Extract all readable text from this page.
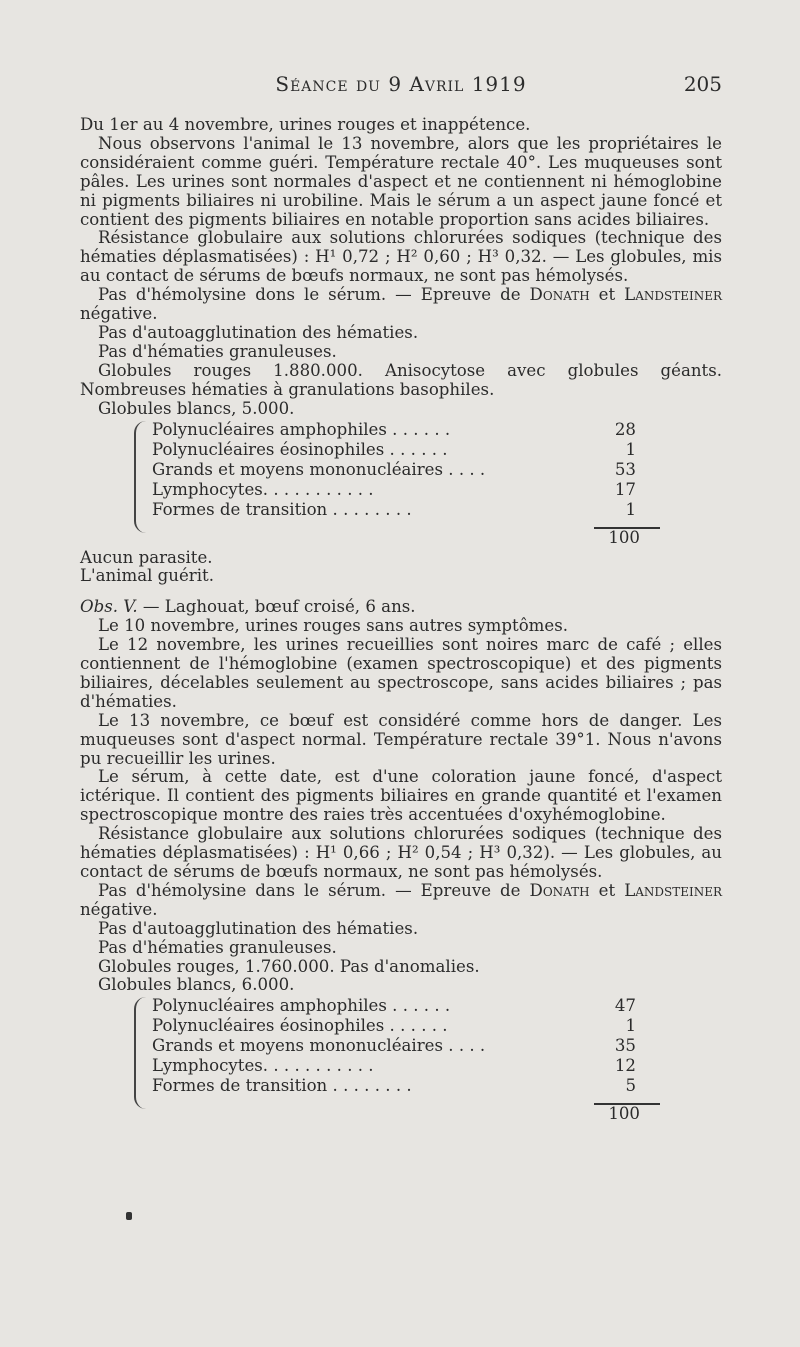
Séance du 9 Avril 1919	205

Du 1er au 4 novembre, urines rouges et inappétence.

Nous observons l'animal le 13 novembre, alors que les propriétaires le considéraient comme guéri. Température rectale 40°. Les muqueuses sont pâles. Les urines sont normales d'aspect et ne contiennent ni hémoglobine ni pigments biliaires ni urobiline. Mais le sérum a un aspect jaune foncé et contient des pigments biliaires en notable proportion sans acides biliaires.

Résistance globulaire aux solutions chlorurées sodiques (technique des hématies déplasmatisées) : H¹ 0,72 ; H² 0,60 ; H³ 0,32. — Les globules, mis au contact de sérums de bœufs normaux, ne sont pas hémolysés.

Pas d'hémolysine dons le sérum. — Epreuve de Donath et Landsteiner négative.

Pas d'autoagglutination des hématies.

Pas d'hématies granuleuses.

Globules rouges 1.880.000. Anisocytose avec globules géants. Nombreuses hématies à granulations basophiles.

Globules blancs, 5.000.

Polynucléaires amphophiles . . . . . .	28
Polynucléaires éosinophiles . . . . . .	1
Grands et moyens mononucléaires . . . .	53
Lymphocytes. . . . . . . . . . .	17
Formes de transition . . . . . . . .	1
100

Aucun parasite.

L'animal guérit.

Obs. V. — Laghouat, bœuf croisé, 6 ans.

Le 10 novembre, urines rouges sans autres symptômes.

Le 12 novembre, les urines recueillies sont noires marc de café ; elles contiennent de l'hémoglobine (examen spectroscopique) et des pigments biliaires, décelables seulement au spectroscope, sans acides biliaires ; pas d'hématies.

Le 13 novembre, ce bœuf est considéré comme hors de danger. Les muqueuses sont d'aspect normal. Température rectale 39°1. Nous n'avons pu recueillir les urines.

Le sérum, à cette date, est d'une coloration jaune foncé, d'aspect ictérique. Il contient des pigments biliaires en grande quantité et l'examen spectroscopique montre des raies très accentuées d'oxyhémoglobine.

Résistance globulaire aux solutions chlorurées sodiques (technique des hématies déplasmatisées) : H¹ 0,66 ; H² 0,54 ; H³ 0,32). — Les globules, au contact de sérums de bœufs normaux, ne sont pas hémolysés.

Pas d'hémolysine dans le sérum. — Epreuve de Donath et Landsteiner négative.

Pas d'autoagglutination des hématies.

Pas d'hématies granuleuses.

Globules rouges, 1.760.000. Pas d'anomalies.

Globules blancs, 6.000.

Polynucléaires amphophiles . . . . . .	47
Polynucléaires éosinophiles . . . . . .	1
Grands et moyens mononucléaires . . . .	35
Lymphocytes. . . . . . . . . . .	12
Formes de transition . . . . . . . .	5
100
